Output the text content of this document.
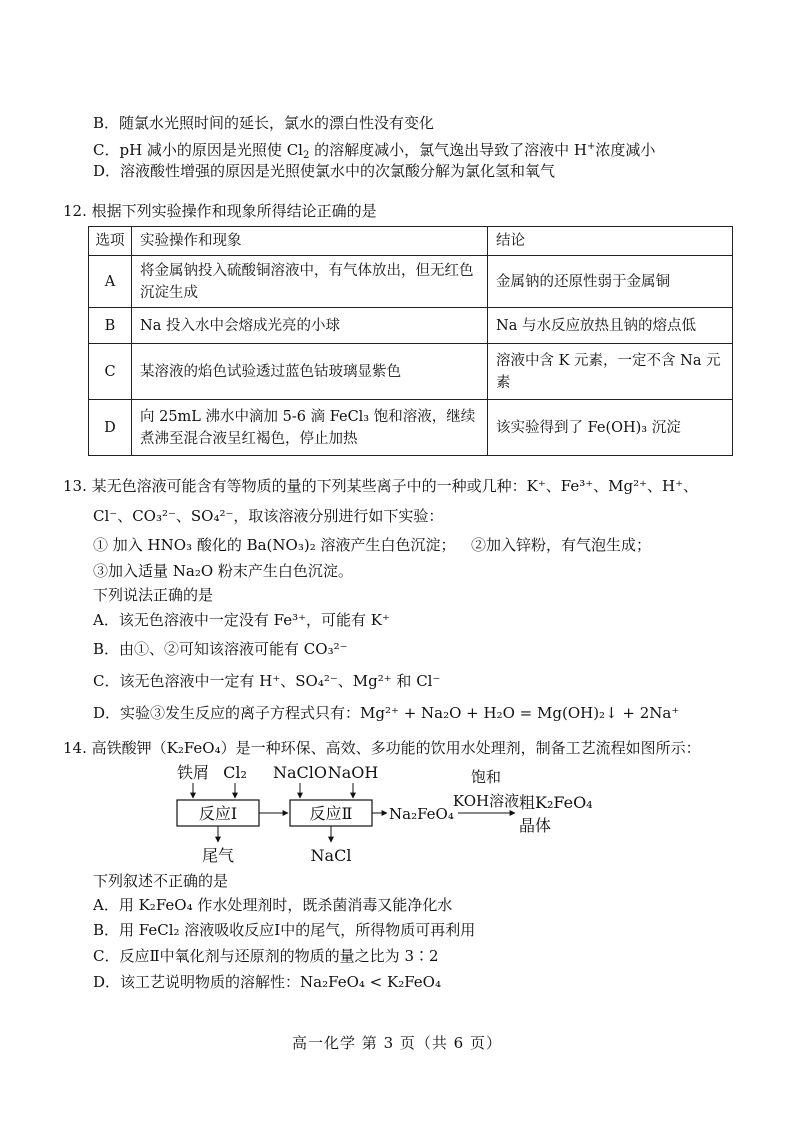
B．随氯水光照时间的延长，氯水的漂白性没有变化
C．pH 减小的原因是光照使 $Cl_2$ 的溶解度减小，氯气逸出导致了溶液中 H+浓度减小
D．溶液酸性增强的原因是光照使氯水中的次氯酸分解为氯化氢和氧气
12. 根据下列实验操作和现象所得结论正确的是
选项	实验操作和现象	结论
A	将金属钠投入硫酸铜溶液中，有气体放出，但无红色沉淀生成	金属钠的还原性弱于金属铜
B	Na 投入水中会熔成光亮的小球	Na 与水反应放热且钠的熔点低
C	某溶液的焰色试验透过蓝色钴玻璃显紫色	溶液中含 K 元素，一定不含 Na 元素
D	向 25mL 沸水中滴加 5-6 滴 FeCl₃ 饱和溶液，继续煮沸至混合液呈红褐色，停止加热	该实验得到了 Fe(OH)₃ 沉淀
13. 某无色溶液可能含有等物质的量的下列某些离子中的一种或几种：K⁺、Fe³⁺、Mg²⁺、H⁺、
Cl⁻、CO₃²⁻、SO₄²⁻，取该溶液分别进行如下实验：
① 加入 HNO₃ 酸化的 Ba(NO₃)₂ 溶液产生白色沉淀； ②加入锌粉，有气泡生成；
③加入适量 Na₂O 粉末产生白色沉淀。
下列说法正确的是
A．该无色溶液中一定没有 Fe³⁺，可能有 K⁺
B．由①、②可知该溶液可能有 CO₃²⁻
C．该无色溶液中一定有 H⁺、SO₄²⁻、Mg²⁺ 和 Cl⁻
D．实验③发生反应的离子方程式只有：Mg²⁺ + Na₂O + H₂O = Mg(OH)₂↓ + 2Na⁺
14. 高铁酸钾（K₂FeO₄）是一种环保、高效、多功能的饮用水处理剂，制备工艺流程如图所示：
铁屑 Cl₂ NaClO NaOH
反应Ⅰ	反应Ⅱ Na₂FeO₄
饱和
KOH溶液 粗K₂FeO₄
晶体
尾气	NaCl
下列叙述不正确的是
A．用 K₂FeO₄ 作水处理剂时，既杀菌消毒又能净化水
B．用 FeCl₂ 溶液吸收反应Ⅰ中的尾气，所得物质可再利用
C．反应Ⅱ中氧化剂与还原剂的物质的量之比为 3∶2
D．该工艺说明物质的溶解性：Na₂FeO₄ < K₂FeO₄
高一化学 第 3 页（共 6 页）
